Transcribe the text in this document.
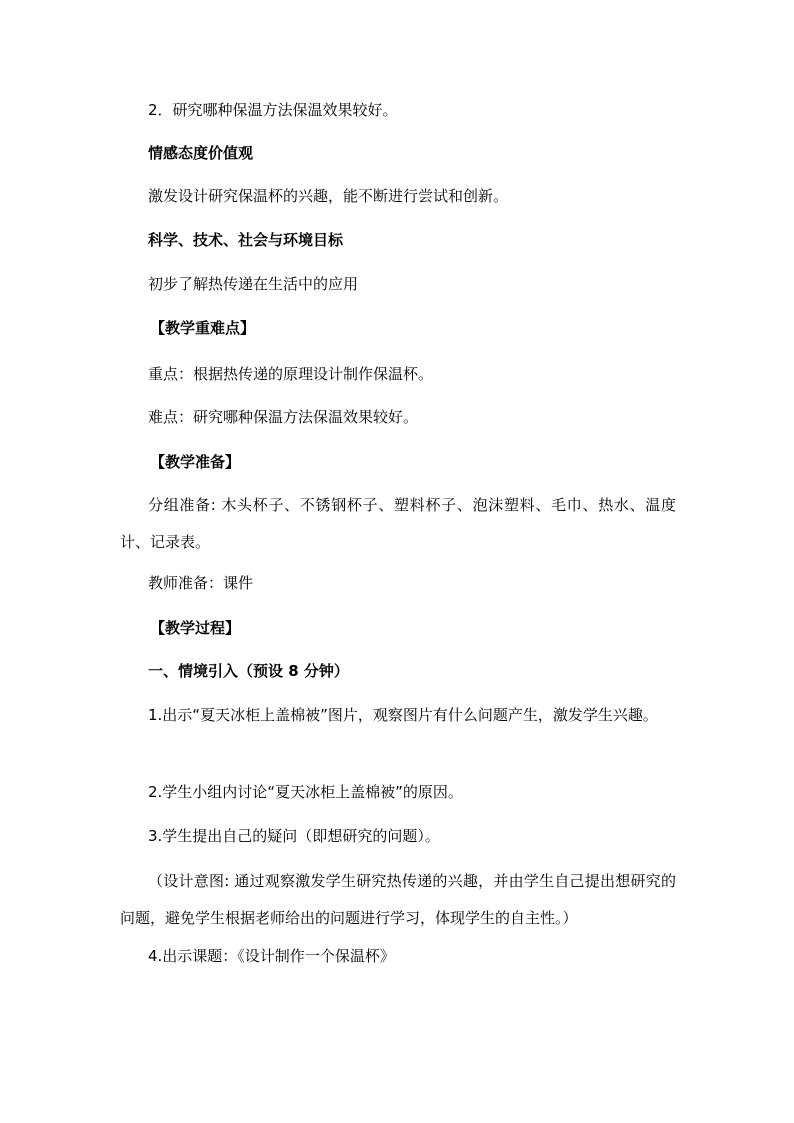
2．研究哪种保温方法保温效果较好。
情感态度价值观
激发设计研究保温杯的兴趣，能不断进行尝试和创新。
科学、技术、社会与环境目标
初步了解热传递在生活中的应用
【教学重难点】
重点：根据热传递的原理设计制作保温杯。
难点：研究哪种保温方法保温效果较好。
【教学准备】
分组准备: 木头杯子、不锈钢杯子、塑料杯子、泡沫塑料、毛巾、热水、温度计、记录表。
教师准备：课件
【教学过程】
一、情境引入（预设 8 分钟）
1.出示“夏天冰柜上盖棉被”图片，观察图片有什么问题产生，激发学生兴趣。
2.学生小组内讨论“夏天冰柜上盖棉被”的原因。
3.学生提出自己的疑问（即想研究的问题）。
（设计意图: 通过观察激发学生研究热传递的兴趣，并由学生自己提出想研究的问题，避免学生根据老师给出的问题进行学习，体现学生的自主性。）
4.出示课题：《设计制作一个保温杯》
